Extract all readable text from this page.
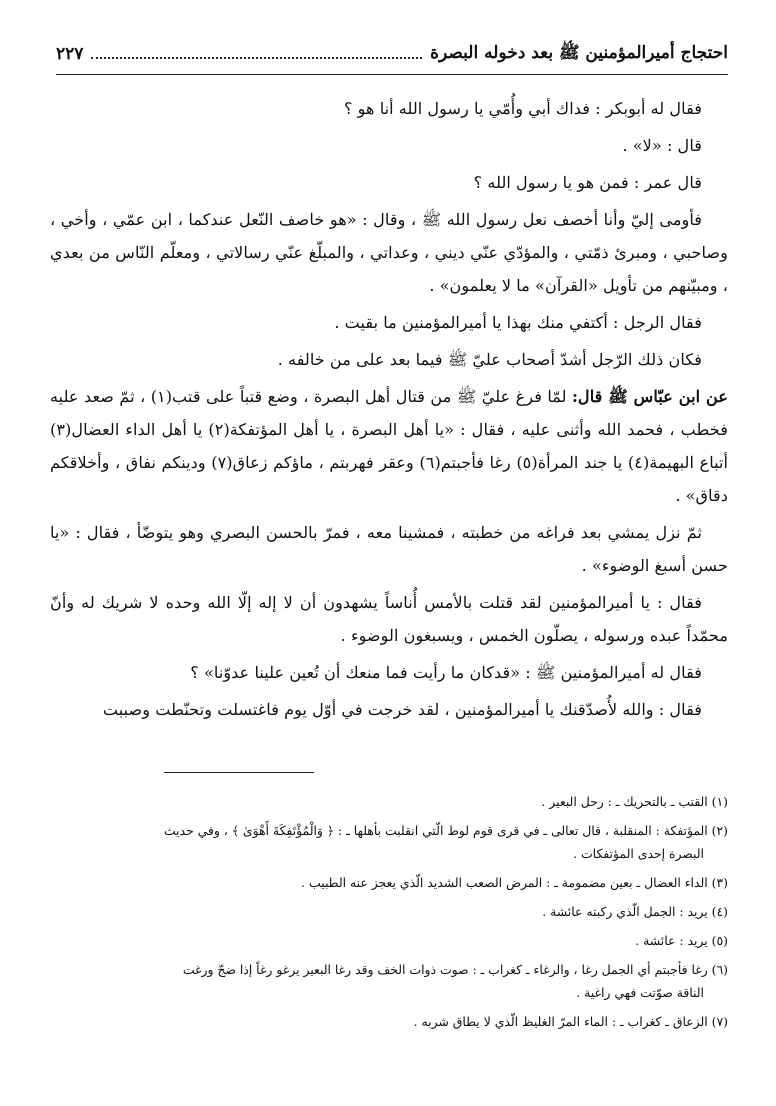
احتجاج أميرالمؤمنين ﷺ بعد دخوله البصرة
٢٢٧

فقال له أبوبكر : فداك أبي وأُمّي يا رسول الله أنا هو ؟

قال : «لا» .

قال عمر : فمن هو يا رسول الله ؟

فأومى إليّ وأنا أخصف نعل رسول الله ﷺ ، وقال : «هو خاصف النّعل عندكما ، ابن عمّي ، وأخي ، وصاحبي ، ومبرئ ذمّتي ، والمؤدّي عنّي ديني ، وعداتي ، والمبلّغ عنّي رسالاتي ، ومعلّم النّاس من بعدي ، ومبيّنهم من تأويل «القرآن» ما لا يعلمون» .

فقال الرجل : أكتفي منك بهذا يا أميرالمؤمنين ما بقيت .

فكان ذلك الرّجل أشدّ أصحاب عليّ ﷺ فيما بعد على من خالفه .

عن ابن عبّاس ﷺ قال: لمّا فرغ عليّ ﷺ من قتال أهل البصرة ، وضع قتباً على قتب(١) ، ثمّ صعد عليه فخطب ، فحمد الله وأثنى عليه ، فقال : «يا أهل البصرة ، يا أهل المؤتفكة(٢) يا أهل الداء العضال(٣) أتباع البهيمة(٤) يا جند المرأة(٥) رغا فأجبتم(٦) وعقر فهربتم ، ماؤكم زعاق(٧) ودينكم نفاق ، وأخلاقكم دقاق» .

ثمّ نزل يمشي بعد فراغه من خطبته ، فمشينا معه ، فمرّ بالحسن البصري وهو يتوضّأ ، فقال : «يا حسن أسبغ الوضوء» .

فقال : يا أميرالمؤمنين لقد قتلت بالأمس أُناساً يشهدون أن لا إله إلّا الله وحده لا شريك له وأنّ محمّداً عبده ورسوله ، يصلّون الخمس ، ويسبغون الوضوء .

فقال له أميرالمؤمنين ﷺ : «قدكان ما رأيت فما منعك أن تُعين علينا عدوّنا» ؟

فقال : والله لأُصدّقنك يا أميرالمؤمنين ، لقد خرجت في أوّل يوم فاغتسلت وتحنّطت وصببت

(١) القتب ـ بالتحريك ـ : رحل البعير .
(٢) المؤتفكة : المنقلبة ، قال تعالى ـ في قرى قوم لوط الّتي انقلبت بأهلها ـ : ﴿ وَالْمُؤْتَفِكَةَ أَهْوَىٰ ﴾ ، وفي حديث
البصرة إحدى المؤتفكات .
(٣) الداء العضال ـ بعين مضمومة ـ : المرض الصعب الشديد الّذي يعجز عنه الطبيب .
(٤) يريد : الجمل الّذي ركبته عائشة .
(٥) يريد : عائشة .
(٦) رغا فأجبتم أي الجمل رغا ، والرغاء ـ كغراب ـ : صوت ذوات الخف وقد رغا البعير يرغو رغاً إذا ضجّ ورغت
الناقة صوّتت فهي راغية .
(٧) الزعاق ـ كغراب ـ : الماء المرّ الغليظ الّذي لا يطاق شربه .
